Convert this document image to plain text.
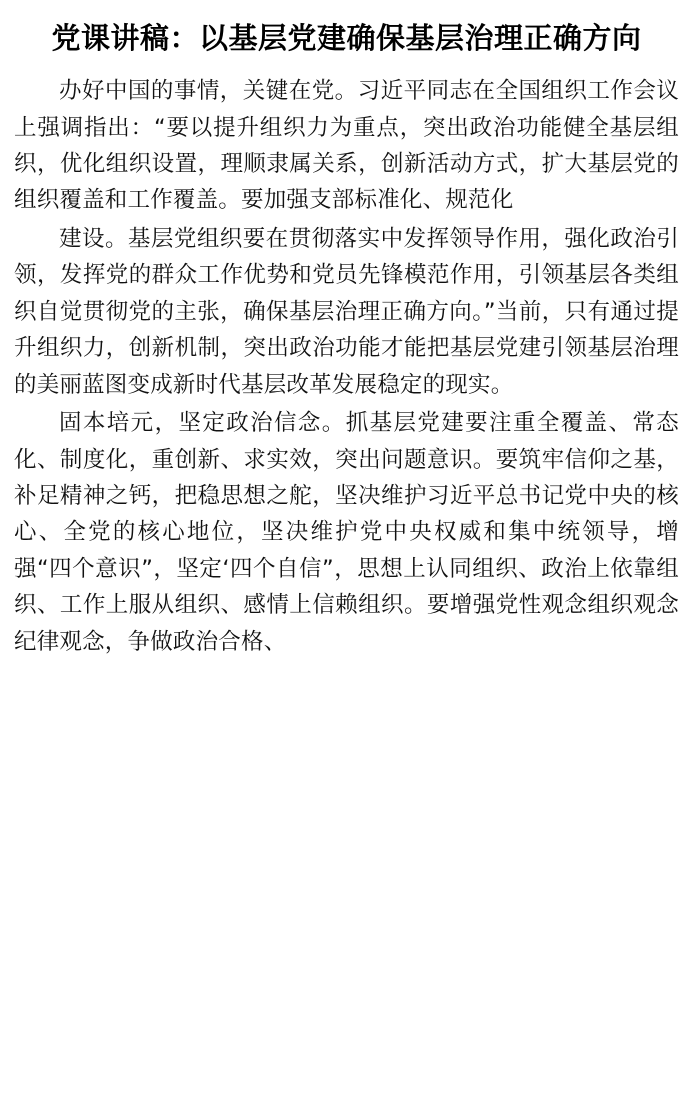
党课讲稿：以基层党建确保基层治理正确方向

办好中国的事情，关键在党。习近平同志在全国组织工作会议上强调指出：“要以提升组织力为重点，突出政治功能健全基层组织，优化组织设置，理顺隶属关系，创新活动方式，扩大基层党的组织覆盖和工作覆盖。要加强支部标准化、规范化

建设。基层党组织要在贯彻落实中发挥领导作用，强化政治引领，发挥党的群众工作优势和党员先锋模范作用，引领基层各类组织自觉贯彻党的主张，确保基层治理正确方向。”当前，只有通过提升组织力，创新机制，突出政治功能才能把基层党建引领基层治理的美丽蓝图变成新时代基层改革发展稳定的现实。

固本培元，坚定政治信念。抓基层党建要注重全覆盖、常态化、制度化，重创新、求实效，突出问题意识。要筑牢信仰之基，补足精神之钙，把稳思想之舵，坚决维护习近平总书记党中央的核心、全党的核心地位，坚决维护党中央权威和集中统领导，增强“四个意识”，坚定‘四个自信”，思想上认同组织、政治上依靠组织、工作上服从组织、感情上信赖组织。要增强党性观念组织观念纪律观念，争做政治合格、
